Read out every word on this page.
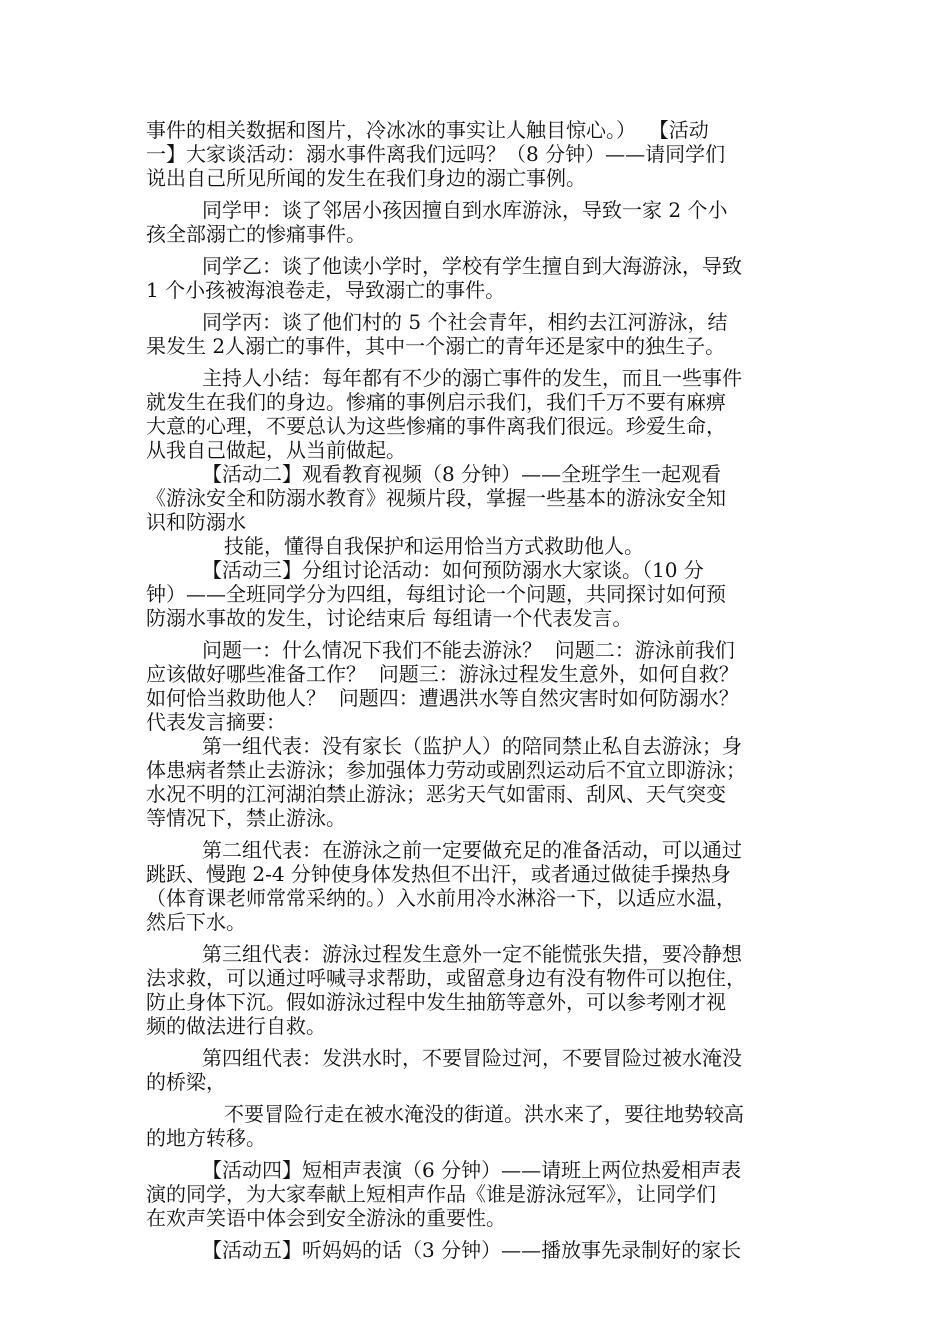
事件的相关数据和图片，冷冰冰的事实让人触目惊心。）  【活动
一】大家谈活动：溺水事件离我们远吗？（8 分钟）——请同学们
说出自己所见所闻的发生在我们身边的溺亡事例。
同学甲：谈了邻居小孩因擅自到水库游泳，导致一家 2 个小
孩全部溺亡的惨痛事件。
同学乙：谈了他读小学时，学校有学生擅自到大海游泳，导致
1 个小孩被海浪卷走，导致溺亡的事件。
同学丙：谈了他们村的 5 个社会青年，相约去江河游泳，结
果发生 2人溺亡的事件，其中一个溺亡的青年还是家中的独生子。
主持人小结：每年都有不少的溺亡事件的发生，而且一些事件
就发生在我们的身边。惨痛的事例启示我们，我们千万不要有麻痹
大意的心理，不要总认为这些惨痛的事件离我们很远。珍爱生命，
从我自己做起，从当前做起。
【活动二】观看教育视频（8 分钟）——全班学生一起观看
《游泳安全和防溺水教育》视频片段，掌握一些基本的游泳安全知
识和防溺水
技能，懂得自我保护和运用恰当方式救助他人。
【活动三】分组讨论活动：如何预防溺水大家谈。（10 分
钟）——全班同学分为四组，每组讨论一个问题，共同探讨如何预
防溺水事故的发生，讨论结束后 每组请一个代表发言。
问题一：什么情况下我们不能去游泳？  问题二：游泳前我们
应该做好哪些准备工作？  问题三：游泳过程发生意外，如何自救？
如何恰当救助他人？  问题四：遭遇洪水等自然灾害时如何防溺水？
代表发言摘要：
第一组代表：没有家长（监护人）的陪同禁止私自去游泳；身
体患病者禁止去游泳；参加强体力劳动或剧烈运动后不宜立即游泳；
水况不明的江河湖泊禁止游泳；恶劣天气如雷雨、刮风、天气突变
等情况下，禁止游泳。
第二组代表：在游泳之前一定要做充足的准备活动，可以通过
跳跃、慢跑 2-4 分钟使身体发热但不出汗，或者通过做徒手操热身
（体育课老师常常采纳的。）入水前用冷水淋浴一下，以适应水温，
然后下水。
第三组代表：游泳过程发生意外一定不能慌张失措，要冷静想
法求救，可以通过呼喊寻求帮助，或留意身边有没有物件可以抱住，
防止身体下沉。假如游泳过程中发生抽筋等意外，可以参考刚才视
频的做法进行自救。
第四组代表：发洪水时，不要冒险过河，不要冒险过被水淹没
的桥梁，
不要冒险行走在被水淹没的街道。洪水来了，要往地势较高
的地方转移。
【活动四】短相声表演（6 分钟）——请班上两位热爱相声表
演的同学，为大家奉献上短相声作品《谁是游泳冠军》，让同学们
在欢声笑语中体会到安全游泳的重要性。
【活动五】听妈妈的话（3 分钟）——播放事先录制好的家长
